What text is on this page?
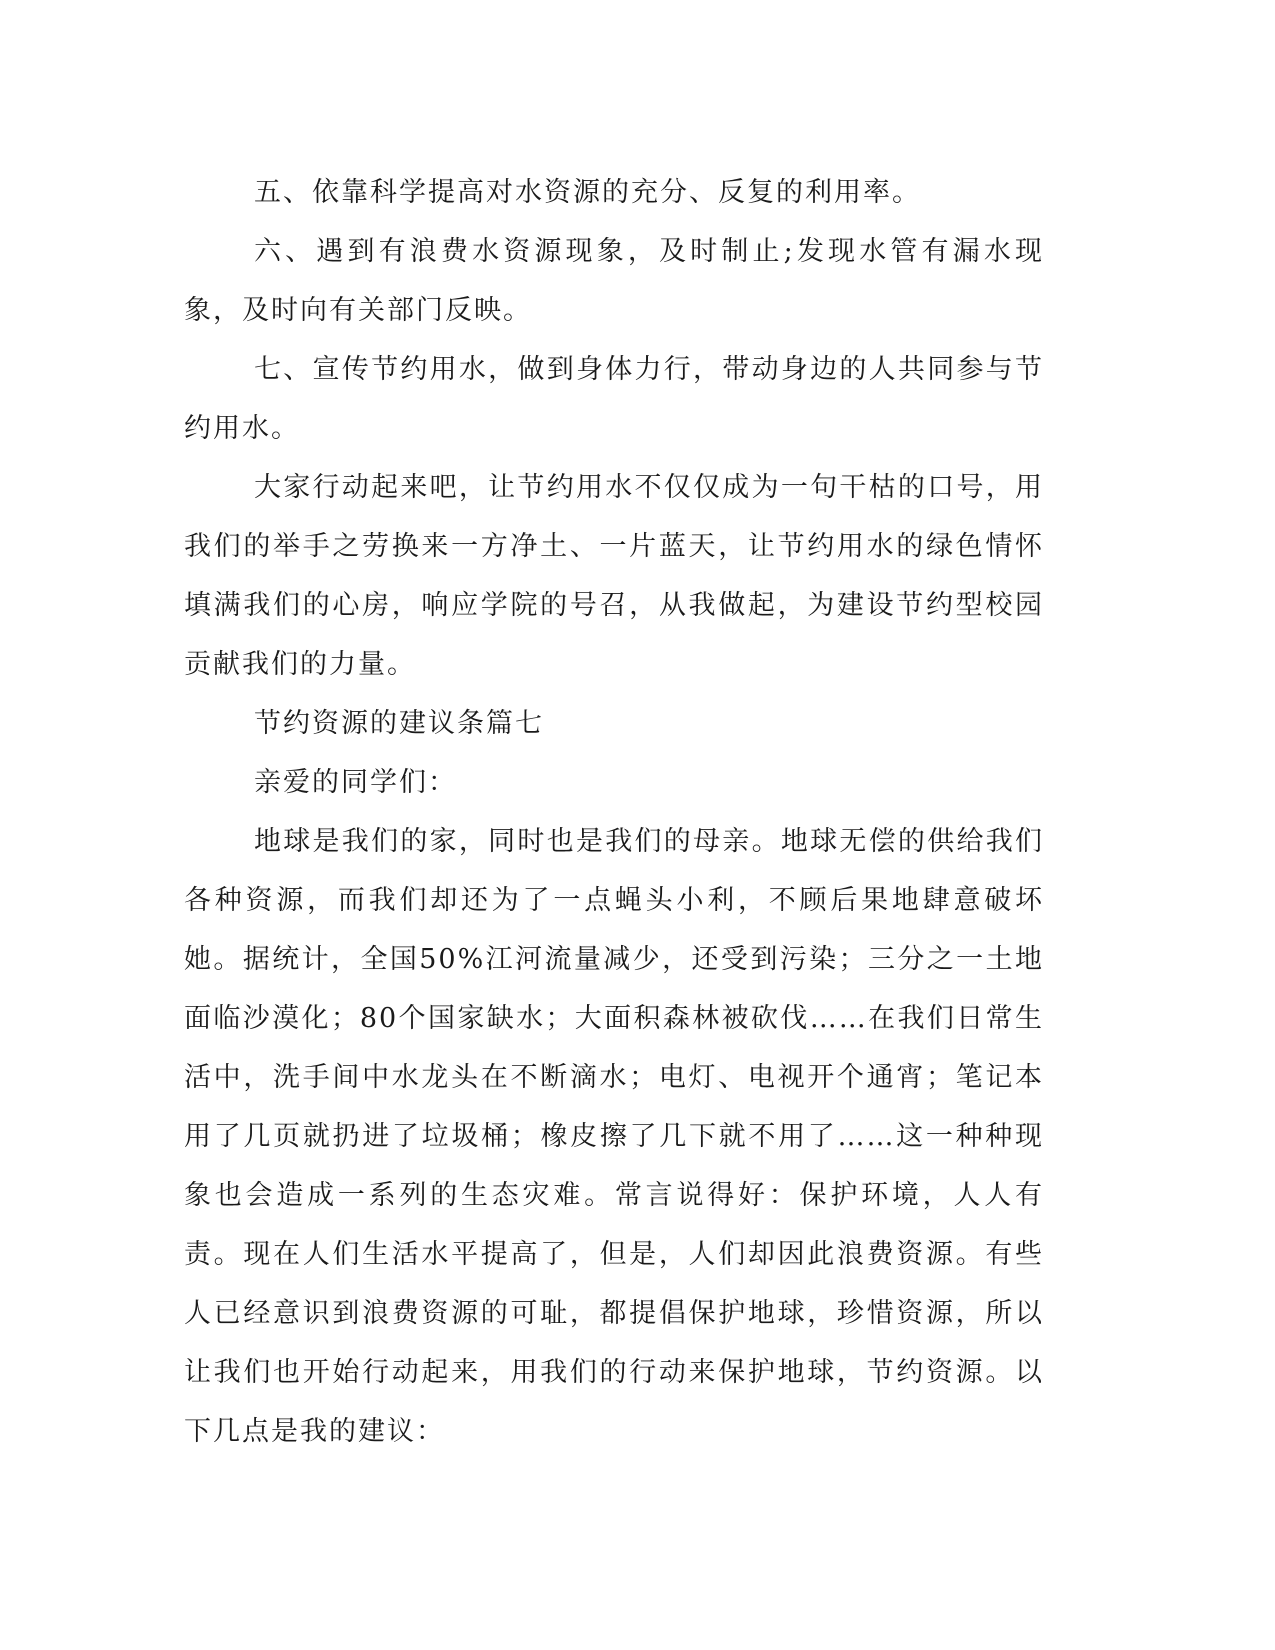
五、依靠科学提高对水资源的充分、反复的利用率。

六、遇到有浪费水资源现象，及时制止;发现水管有漏水现象，及时向有关部门反映。

七、宣传节约用水，做到身体力行，带动身边的人共同参与节约用水。

大家行动起来吧，让节约用水不仅仅成为一句干枯的口号，用我们的举手之劳换来一方净土、一片蓝天，让节约用水的绿色情怀填满我们的心房，响应学院的号召，从我做起，为建设节约型校园贡献我们的力量。

节约资源的建议条篇七

亲爱的同学们：

地球是我们的家，同时也是我们的母亲。地球无偿的供给我们各种资源，而我们却还为了一点蝇头小利，不顾后果地肆意破坏她。据统计，全国50%江河流量减少，还受到污染；三分之一土地面临沙漠化；80个国家缺水；大面积森林被砍伐……在我们日常生活中，洗手间中水龙头在不断滴水；电灯、电视开个通宵；笔记本用了几页就扔进了垃圾桶；橡皮擦了几下就不用了……这一种种现象也会造成一系列的生态灾难。常言说得好：保护环境，人人有责。现在人们生活水平提高了，但是，人们却因此浪费资源。有些人已经意识到浪费资源的可耻，都提倡保护地球，珍惜资源，所以让我们也开始行动起来，用我们的行动来保护地球，节约资源。以下几点是我的建议：
